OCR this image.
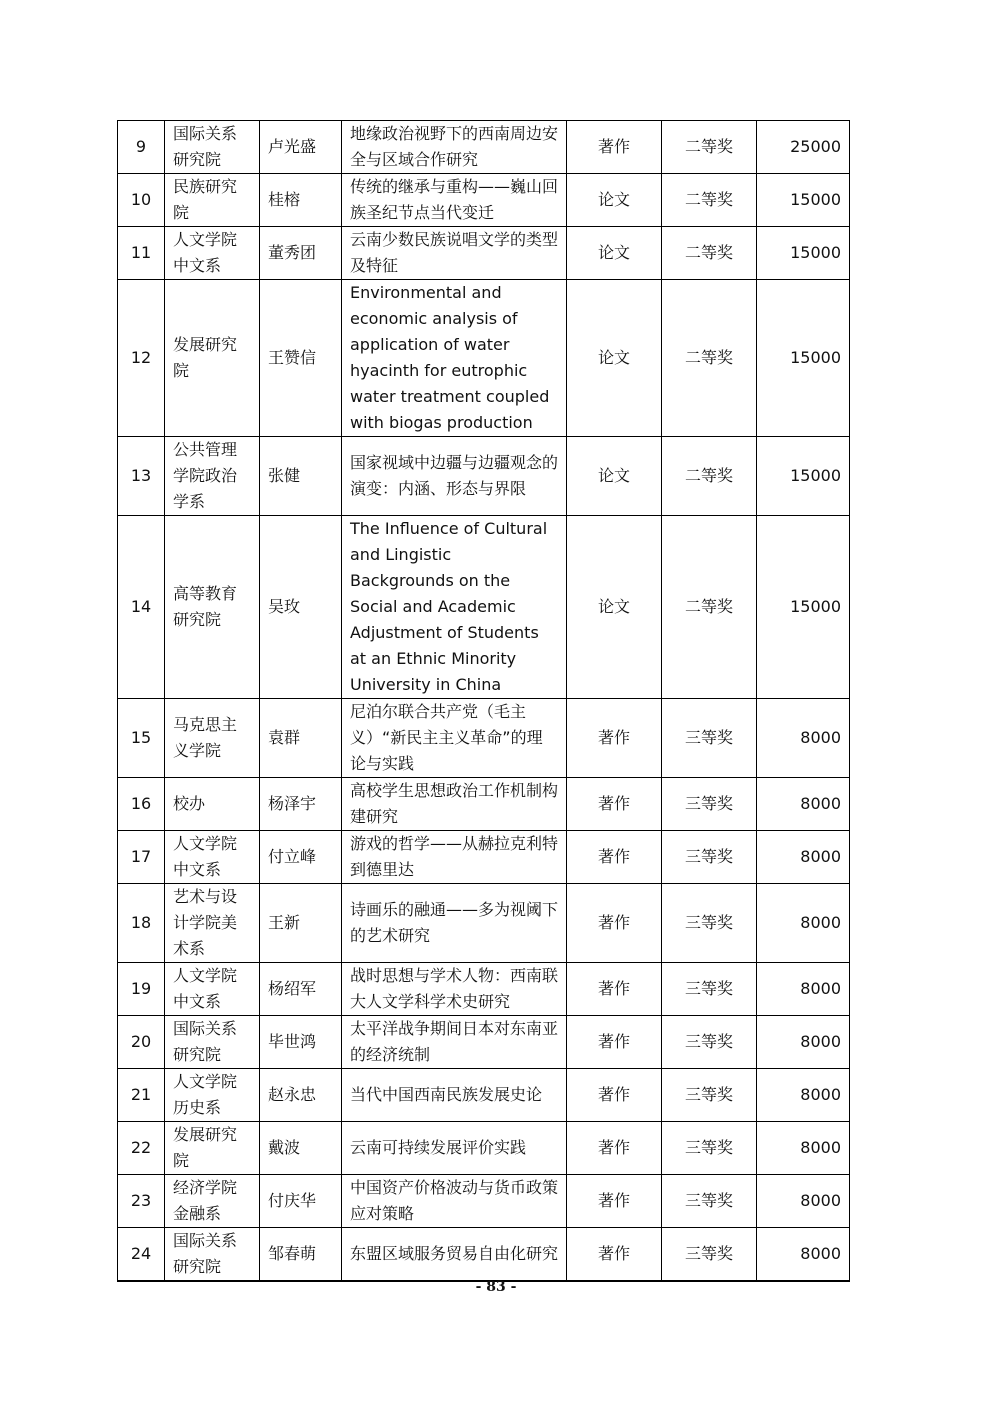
9	国际关系研究院	卢光盛	地缘政治视野下的西南周边安全与区域合作研究	著作	二等奖	25000
10	民族研究院	桂榕	传统的继承与重构——巍山回族圣纪节点当代变迁	论文	二等奖	15000
11	人文学院中文系	董秀团	云南少数民族说唱文学的类型及特征	论文	二等奖	15000
12	发展研究院	王赞信	Environmental and economic analysis of application of water hyacinth for eutrophic water treatment coupled with biogas production	论文	二等奖	15000
13	公共管理学院政治学系	张健	国家视域中边疆与边疆观念的演变：内涵、形态与界限	论文	二等奖	15000
14	高等教育研究院	吴玫	The Influence of Cultural and Lingistic Backgrounds on the Social and Academic Adjustment of Students at an Ethnic Minority University in China	论文	二等奖	15000
15	马克思主义学院	袁群	尼泊尔联合共产党（毛主义）“新民主主义革命”的理论与实践	著作	三等奖	8000
16	校办	杨泽宇	高校学生思想政治工作机制构建研究	著作	三等奖	8000
17	人文学院中文系	付立峰	游戏的哲学——从赫拉克利特到德里达	著作	三等奖	8000
18	艺术与设计学院美术系	王新	诗画乐的融通——多为视阈下的艺术研究	著作	三等奖	8000
19	人文学院中文系	杨绍军	战时思想与学术人物：西南联大人文学科学术史研究	著作	三等奖	8000
20	国际关系研究院	毕世鸿	太平洋战争期间日本对东南亚的经济统制	著作	三等奖	8000
21	人文学院历史系	赵永忠	当代中国西南民族发展史论	著作	三等奖	8000
22	发展研究院	戴波	云南可持续发展评价实践	著作	三等奖	8000
23	经济学院金融系	付庆华	中国资产价格波动与货币政策应对策略	著作	三等奖	8000
24	国际关系研究院	邹春萌	东盟区域服务贸易自由化研究	著作	三等奖	8000
- 83 -
